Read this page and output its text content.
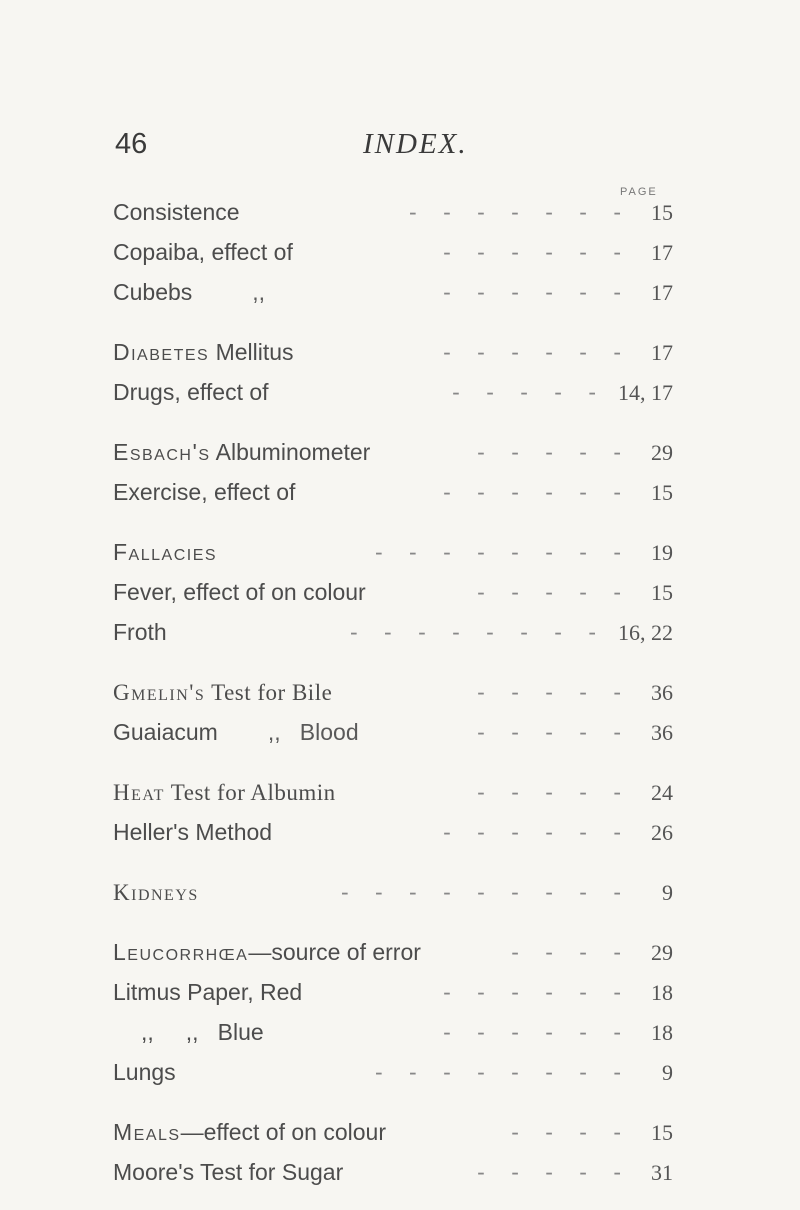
46	INDEX.
PAGE
Consistence	- - - - - - - 15
Copaiba, effect of	- - - - - - 17
Cubebs	,,	- - - - - - 17
Diabetes Mellitus	- - - - - - 17
Drugs, effect of	- - - - - 14, 17
Esbach's Albuminometer	- - - - - 29
Exercise, effect of	- - - - - - 15
Fallacies	- - - - - - - - 19
Fever, effect of on colour	- - - - - 15
Froth	- - - - - - - - 16, 22
Gmelin's Test for Bile	- - - - - 36
Guaiacum ,,   Blood	- - - - - 36
Heat Test for Albumin	- - - - - 24
Heller's Method	- - - - - - 26
Kidneys	- - - - - - - - -	9
Leucorrhœa—source of error	- - - - 29
Litmus Paper, Red	- - - - - - 18
,,     ,,   Blue	- - - - - - 18
Lungs	- - - - - - - -	9
Meals—effect of on colour	- - - - 15
Moore's Test for Sugar	- - - - - 31
